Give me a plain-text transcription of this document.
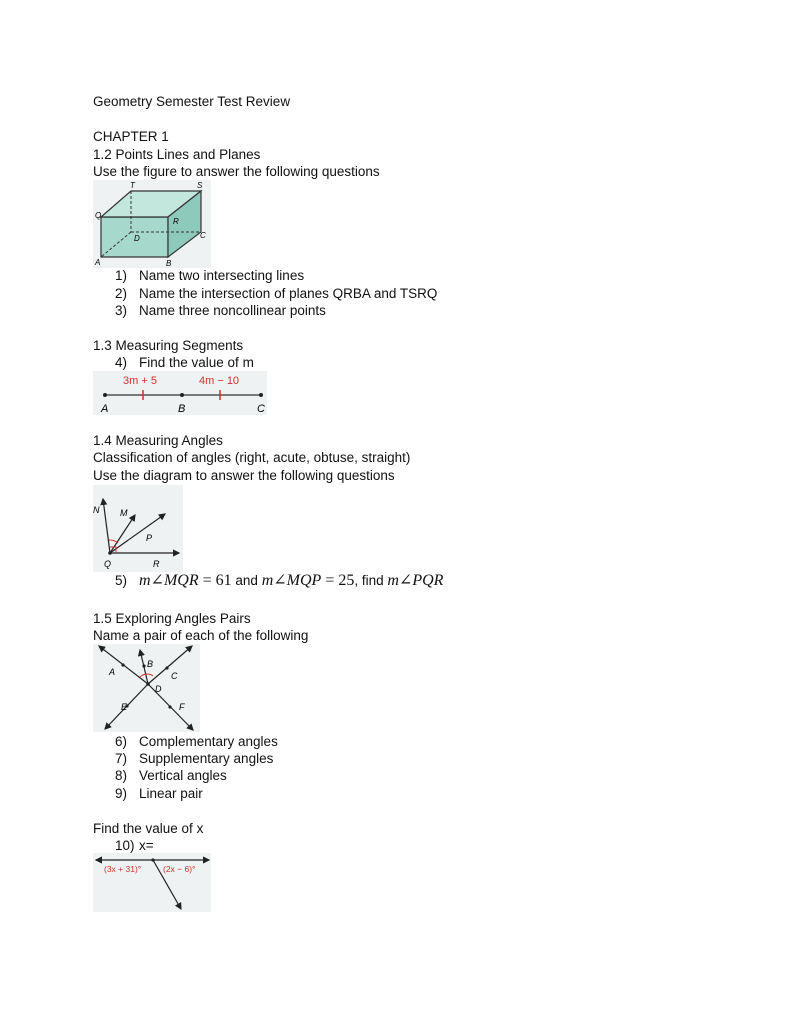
Geometry Semester Test Review
CHAPTER 1
1.2 Points Lines and Planes
Use the figure to answer the following questions
T	S
Q
R
C
D
A	B
1) Name two intersecting lines
2) Name the intersection of planes QRBA and TSRQ
3) Name three noncollinear points
1.3 Measuring Segments
4) Find the value of m
3m + 5	4m − 10
A	B	C
1.4 Measuring Angles
Classification of angles (right, acute, obtuse, straight)
Use the diagram to answer the following questions
N M
P
Q	R
5) m∠MQR = 61 and m∠MQP = 25, find m∠PQR
1.5 Exploring Angles Pairs
Name a pair of each of the following
A
B
C
D
E	F
6) Complementary angles
7) Supplementary angles
8) Vertical angles
9) Linear pair
Find the value of x
10) x=
(3x + 31)°	(2x − 6)°
